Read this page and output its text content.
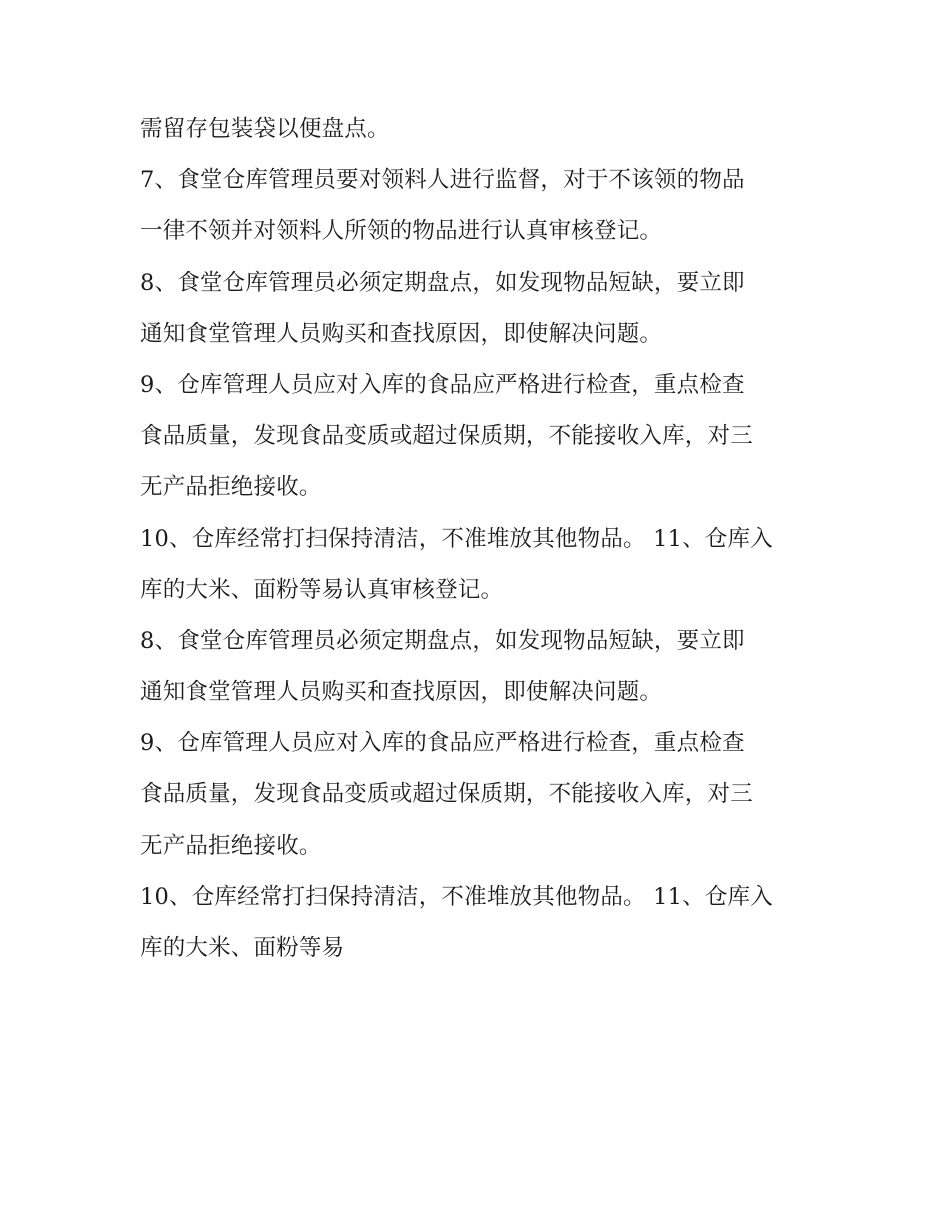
需留存包装袋以便盘点。
7、食堂仓库管理员要对领料人进行监督，对于不该领的物品
一律不领并对领料人所领的物品进行认真审核登记。
8、食堂仓库管理员必须定期盘点，如发现物品短缺，要立即
通知食堂管理人员购买和查找原因，即使解决问题。
9、仓库管理人员应对入库的食品应严格进行检查，重点检查
食品质量，发现食品变质或超过保质期，不能接收入库，对三
无产品拒绝接收。
10、仓库经常打扫保持清洁，不准堆放其他物品。 11、仓库入
库的大米、面粉等易认真审核登记。
8、食堂仓库管理员必须定期盘点，如发现物品短缺，要立即
通知食堂管理人员购买和查找原因，即使解决问题。
9、仓库管理人员应对入库的食品应严格进行检查，重点检查
食品质量，发现食品变质或超过保质期，不能接收入库，对三
无产品拒绝接收。
10、仓库经常打扫保持清洁，不准堆放其他物品。 11、仓库入
库的大米、面粉等易
